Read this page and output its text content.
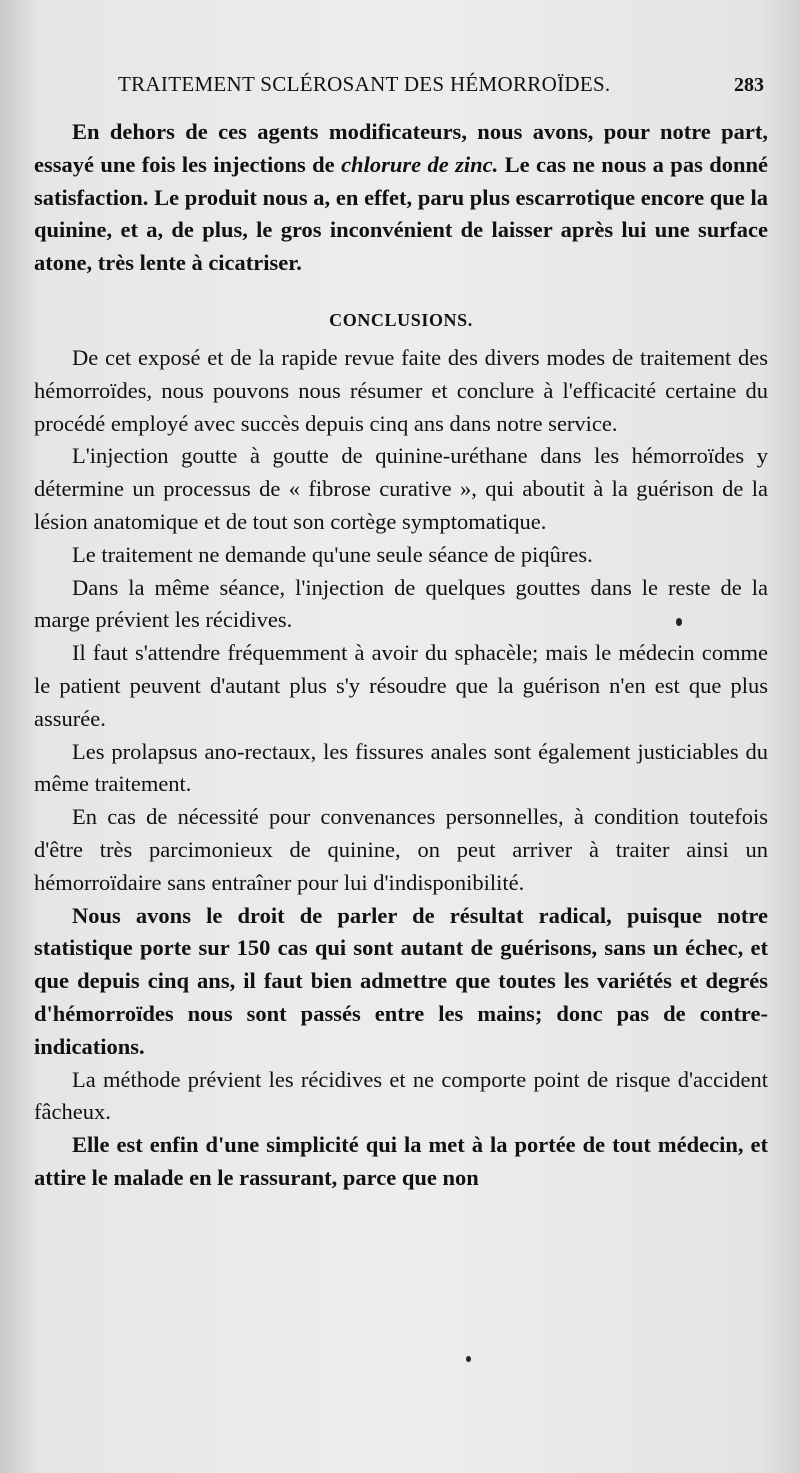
TRAITEMENT SCLÉROSANT DES HÉMORROÏDES.	283

En dehors de ces agents modificateurs, nous avons, pour notre part, essayé une fois les injections de chlorure de zinc. Le cas ne nous a pas donné satisfaction. Le produit nous a, en effet, paru plus escarrotique encore que la quinine, et a, de plus, le gros inconvénient de laisser après lui une surface atone, très lente à cicatriser.

CONCLUSIONS.

De cet exposé et de la rapide revue faite des divers modes de traitement des hémorroïdes, nous pouvons nous résumer et conclure à l'efficacité certaine du procédé employé avec succès depuis cinq ans dans notre service.

L'injection goutte à goutte de quinine-uréthane dans les hémorroïdes y détermine un processus de « fibrose curative », qui aboutit à la guérison de la lésion anatomique et de tout son cortège symptomatique.

Le traitement ne demande qu'une seule séance de piqûres.

Dans la même séance, l'injection de quelques gouttes dans le reste de la marge prévient les récidives.

Il faut s'attendre fréquemment à avoir du sphacèle; mais le médecin comme le patient peuvent d'autant plus s'y résoudre que la guérison n'en est que plus assurée.

Les prolapsus ano-rectaux, les fissures anales sont également justiciables du même traitement.

En cas de nécessité pour convenances personnelles, à condition toutefois d'être très parcimonieux de quinine, on peut arriver à traiter ainsi un hémorroïdaire sans entraîner pour lui d'indisponibilité.

Nous avons le droit de parler de résultat radical, puisque notre statistique porte sur 150 cas qui sont autant de guérisons, sans un échec, et que depuis cinq ans, il faut bien admettre que toutes les variétés et degrés d'hémorroïdes nous sont passés entre les mains; donc pas de contre-indications.

La méthode prévient les récidives et ne comporte point de risque d'accident fâcheux.

Elle est enfin d'une simplicité qui la met à la portée de tout médecin, et attire le malade en le rassurant, parce que non
